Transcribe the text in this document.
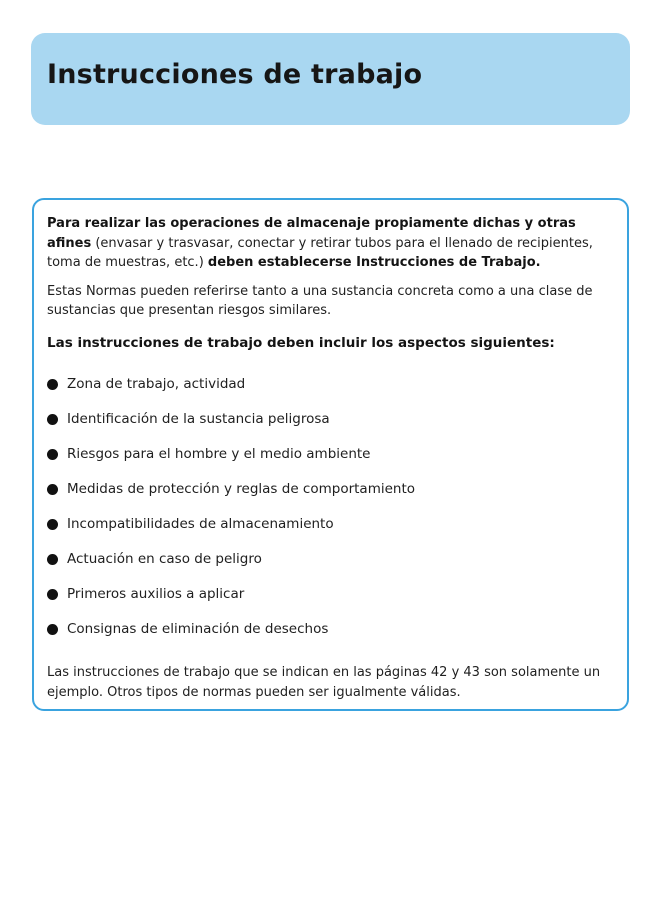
Instrucciones de trabajo

Para realizar las operaciones de almacenaje propiamente dichas y otras afines (envasar y trasvasar, conectar y retirar tubos para el llenado de recipientes, toma de muestras, etc.) deben establecerse Instrucciones de Trabajo.

Estas Normas pueden referirse tanto a una sustancia concreta como a una clase de sustancias que presentan riesgos similares.

Las instrucciones de trabajo deben incluir los aspectos siguientes:

Zona de trabajo, actividad
Identificación de la sustancia peligrosa
Riesgos para el hombre y el medio ambiente
Medidas de protección y reglas de comportamiento
Incompatibilidades de almacenamiento
Actuación en caso de peligro
Primeros auxilios a aplicar
Consignas de eliminación de desechos

Las instrucciones de trabajo que se indican en las páginas 42 y 43 son solamente un ejemplo. Otros tipos de normas pueden ser igualmente válidas.
